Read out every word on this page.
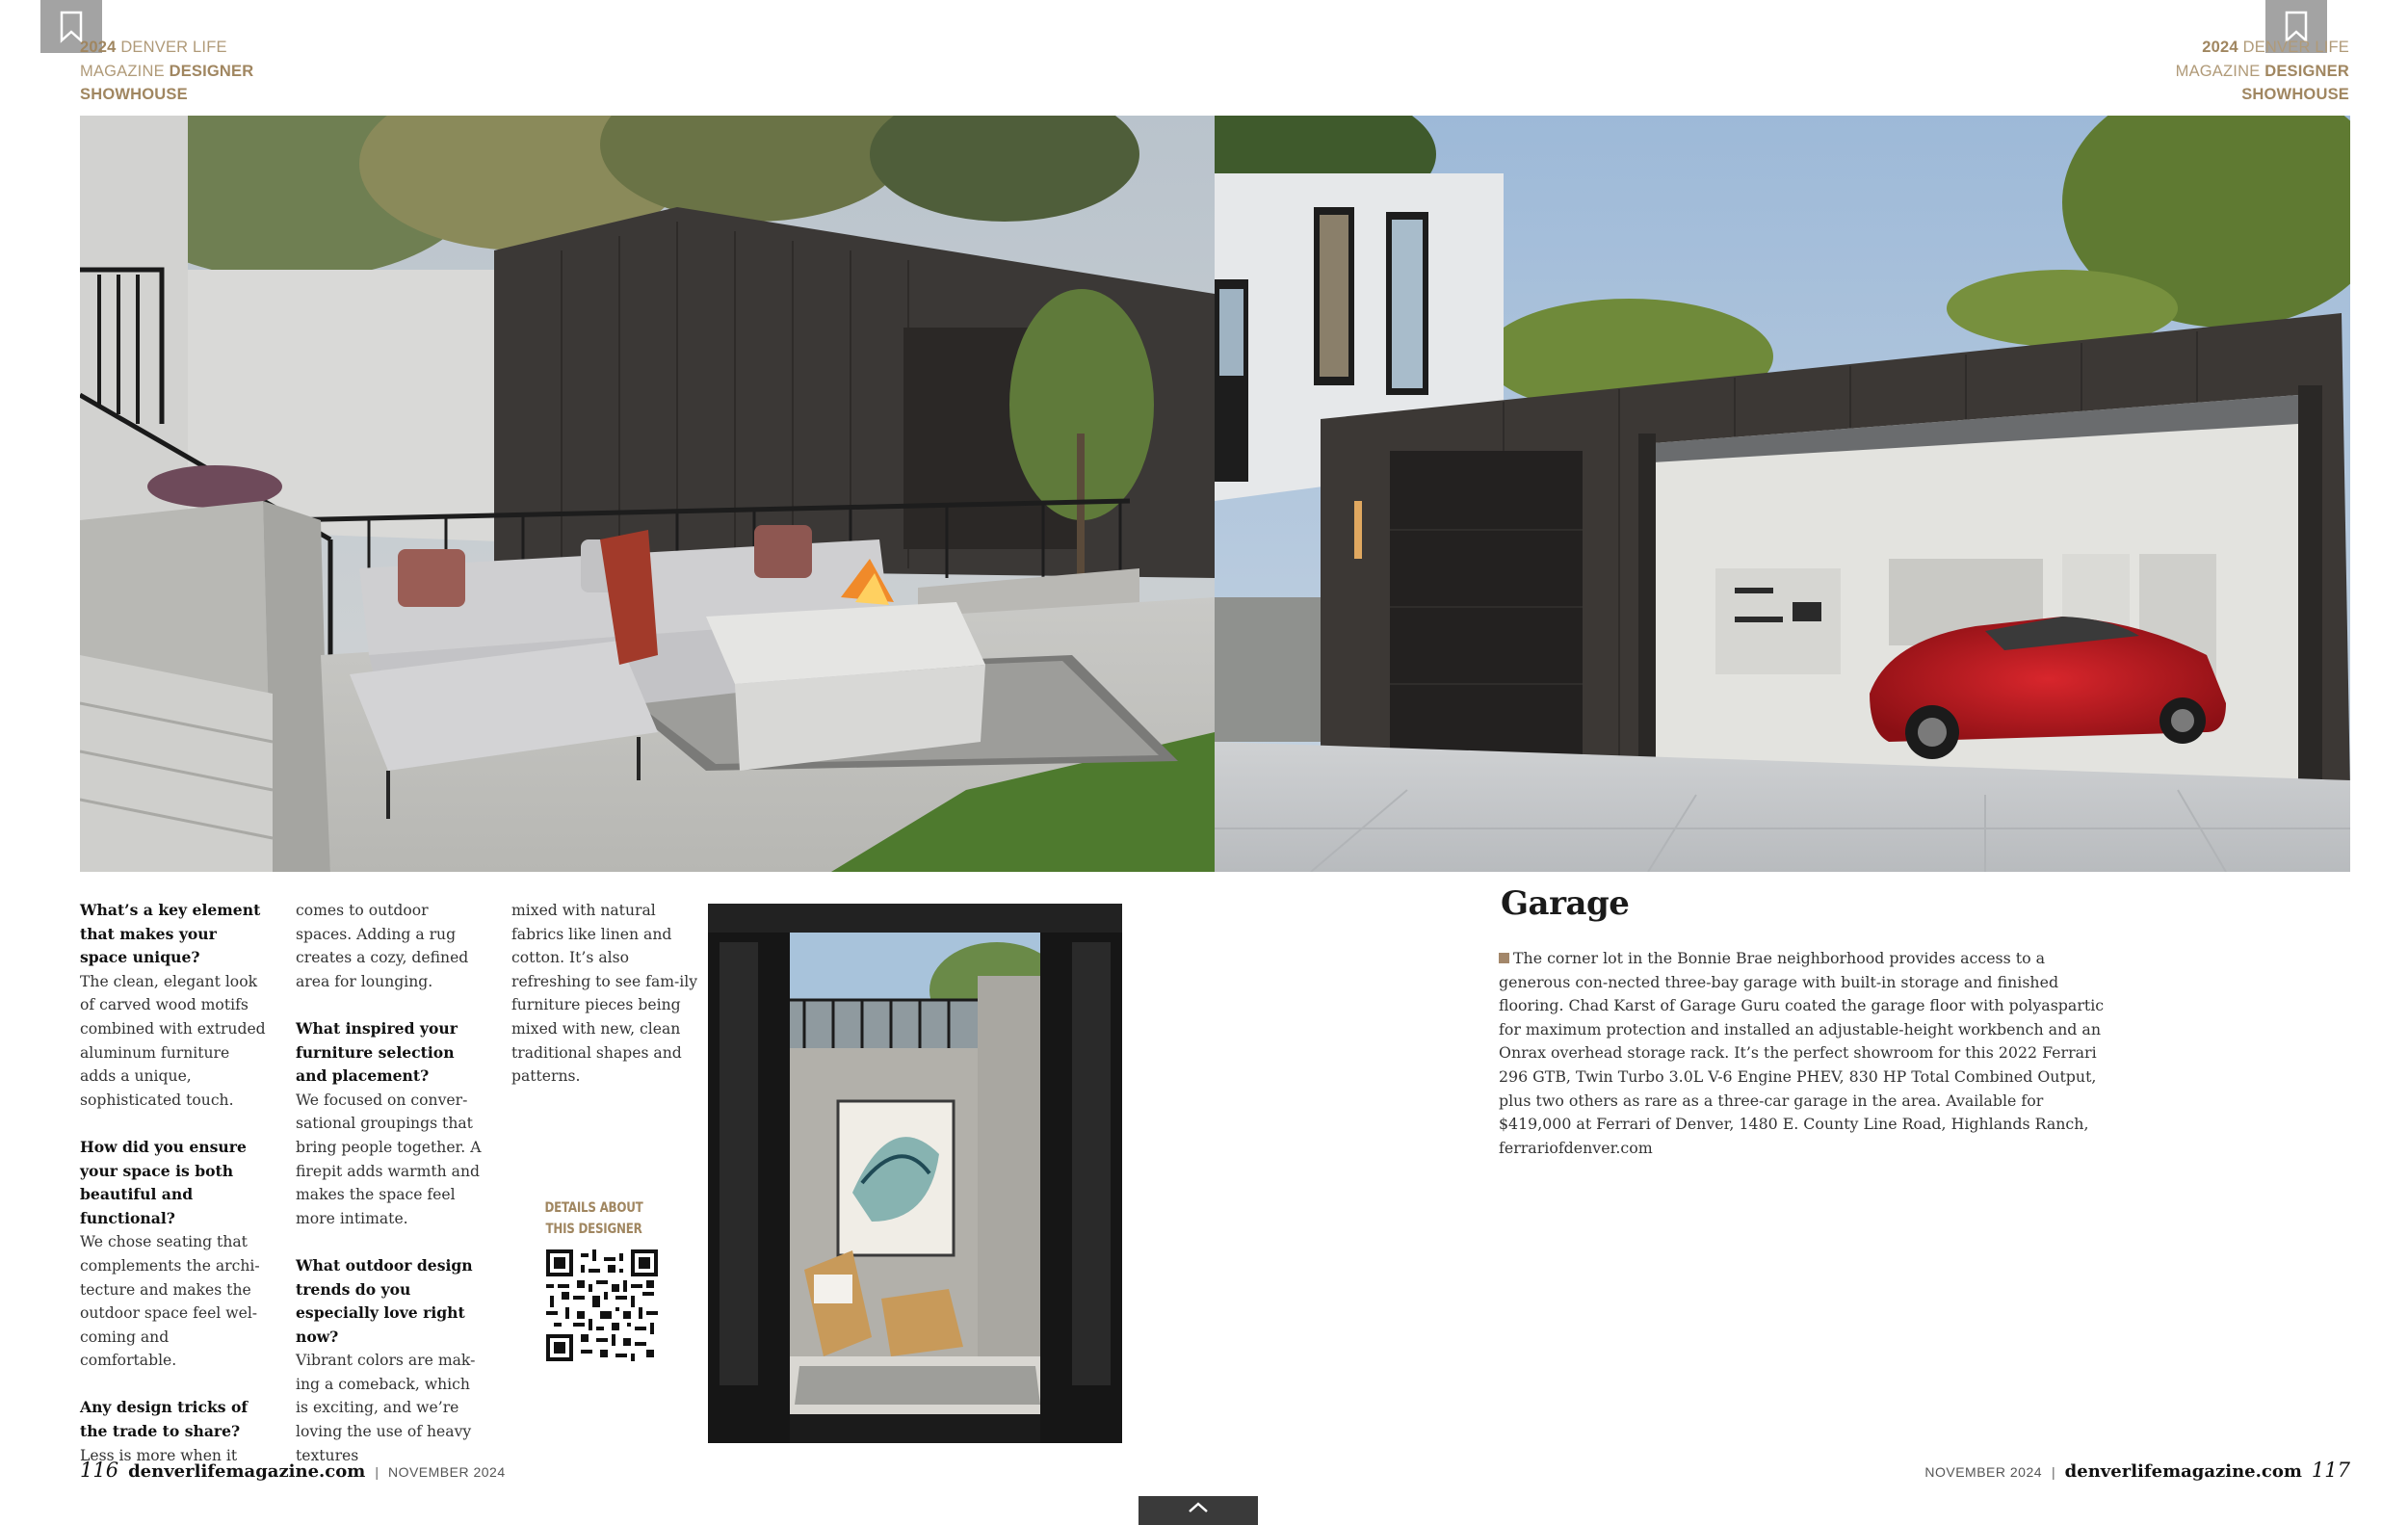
2024 DENVER LIFE MAGAZINE DESIGNER
SHOWHOUSE
2024 DENVER LIFE MAGAZINE DESIGNER
SHOWHOUSE

What’s a key element that makes your space unique?

The clean, elegant look of carved wood motifs combined with extruded aluminum furniture adds a unique, sophisticated touch.

How did you ensure your space is both beautiful and functional?

We chose seating that complements the archi-tecture and makes the outdoor space feel wel-coming and comfortable.

Any design tricks of the trade to share?

Less is more when it

comes to outdoor spaces. Adding a rug creates a cozy, defined area for lounging.

What inspired your furniture selection and placement?

We focused on conver-sational groupings that bring people together. A firepit adds warmth and makes the space feel more intimate.

What outdoor design trends do you especially love right now?

Vibrant colors are mak-ing a comeback, which is exciting, and we’re loving the use of heavy textures

mixed with natural fabrics like linen and cotton. It’s also refreshing to see fam-ily furniture pieces being mixed with new, clean traditional shapes and patterns.

DETAILS ABOUT THIS DESIGNER
Garage
The corner lot in the Bonnie Brae neighborhood provides access to a generous con-nected three-bay garage with built-in storage and finished flooring. Chad Karst of Garage Guru coated the garage floor with polyaspartic for maximum protection and installed an adjustable-height workbench and an Onrax overhead storage rack. It’s the perfect showroom for this 2022 Ferrari 296 GTB, Twin Turbo 3.0L V-6 Engine PHEV, 830 HP Total Combined Output, plus two others as rare as a three-car garage in the area. Available for $419,000 at Ferrari of Denver, 1480 E. County Line Road, Highlands Ranch, ferrariofdenver.com
116 denverlifemagazine.com | NOVEMBER 2024	NOVEMBER 2024 | denverlifemagazine.com 117
